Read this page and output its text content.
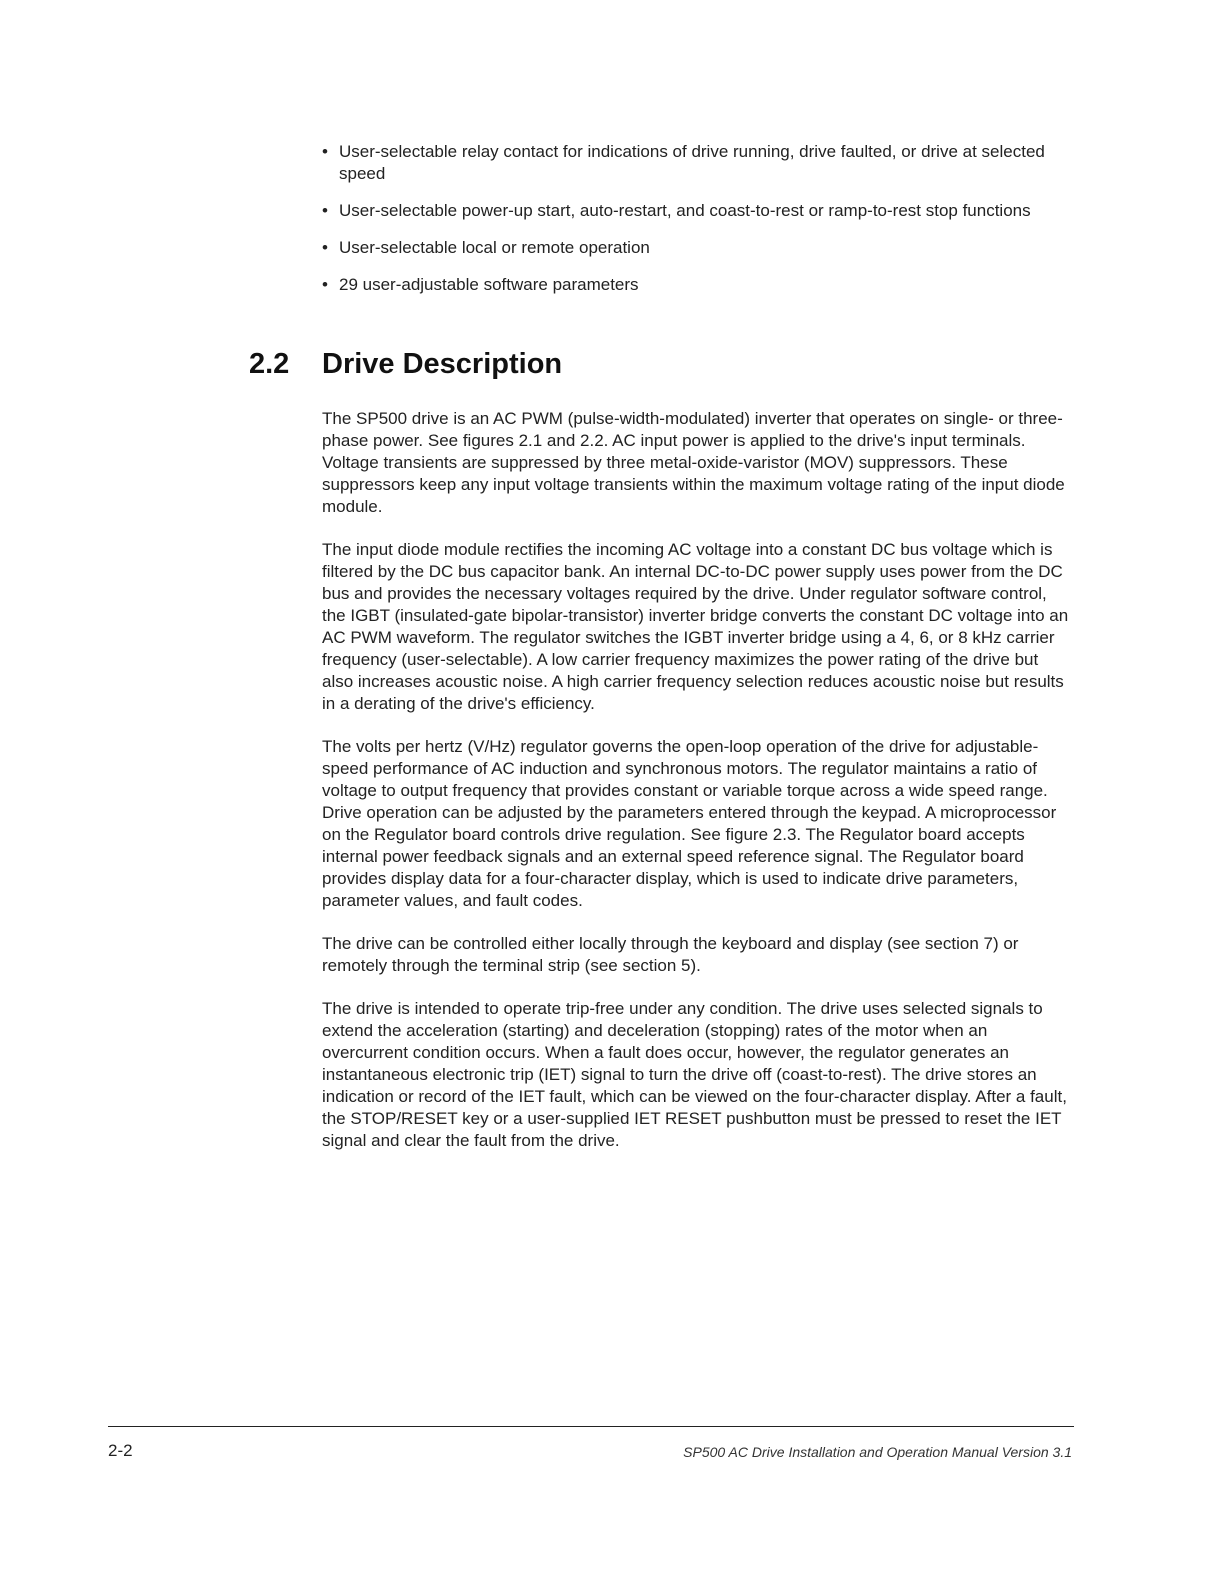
• User-selectable relay contact for indications of drive running, drive faulted, or drive at selected speed
• User-selectable power-up start, auto-restart, and coast-to-rest or ramp-to-rest stop functions
• User-selectable local or remote operation
• 29 user-adjustable software parameters
2.2 Drive Description

The SP500 drive is an AC PWM (pulse-width-modulated) inverter that operates on single- or three-phase power. See figures 2.1 and 2.2. AC input power is applied to the drive's input terminals. Voltage transients are suppressed by three metal-oxide-varistor (MOV) suppressors. These suppressors keep any input voltage transients within the maximum voltage rating of the input diode module.

The input diode module rectifies the incoming AC voltage into a constant DC bus voltage which is filtered by the DC bus capacitor bank. An internal DC-to-DC power supply uses power from the DC bus and provides the necessary voltages required by the drive. Under regulator software control, the IGBT (insulated-gate bipolar-transistor) inverter bridge converts the constant DC voltage into an AC PWM waveform. The regulator switches the IGBT inverter bridge using a 4, 6, or 8 kHz carrier frequency (user-selectable). A low carrier frequency maximizes the power rating of the drive but also increases acoustic noise. A high carrier frequency selection reduces acoustic noise but results in a derating of the drive's efficiency.

The volts per hertz (V/Hz) regulator governs the open-loop operation of the drive for adjustable-speed performance of AC induction and synchronous motors. The regulator maintains a ratio of voltage to output frequency that provides constant or variable torque across a wide speed range. Drive operation can be adjusted by the parameters entered through the keypad. A microprocessor on the Regulator board controls drive regulation. See figure 2.3. The Regulator board accepts internal power feedback signals and an external speed reference signal. The Regulator board provides display data for a four-character display, which is used to indicate drive parameters, parameter values, and fault codes.

The drive can be controlled either locally through the keyboard and display (see section 7) or remotely through the terminal strip (see section 5).

The drive is intended to operate trip-free under any condition. The drive uses selected signals to extend the acceleration (starting) and deceleration (stopping) rates of the motor when an overcurrent condition occurs. When a fault does occur, however, the regulator generates an instantaneous electronic trip (IET) signal to turn the drive off (coast-to-rest). The drive stores an indication or record of the IET fault, which can be viewed on the four-character display. After a fault, the STOP/RESET key or a user-supplied IET RESET pushbutton must be pressed to reset the IET signal and clear the fault from the drive.

2-2	SP500 AC Drive Installation and Operation Manual Version 3.1
